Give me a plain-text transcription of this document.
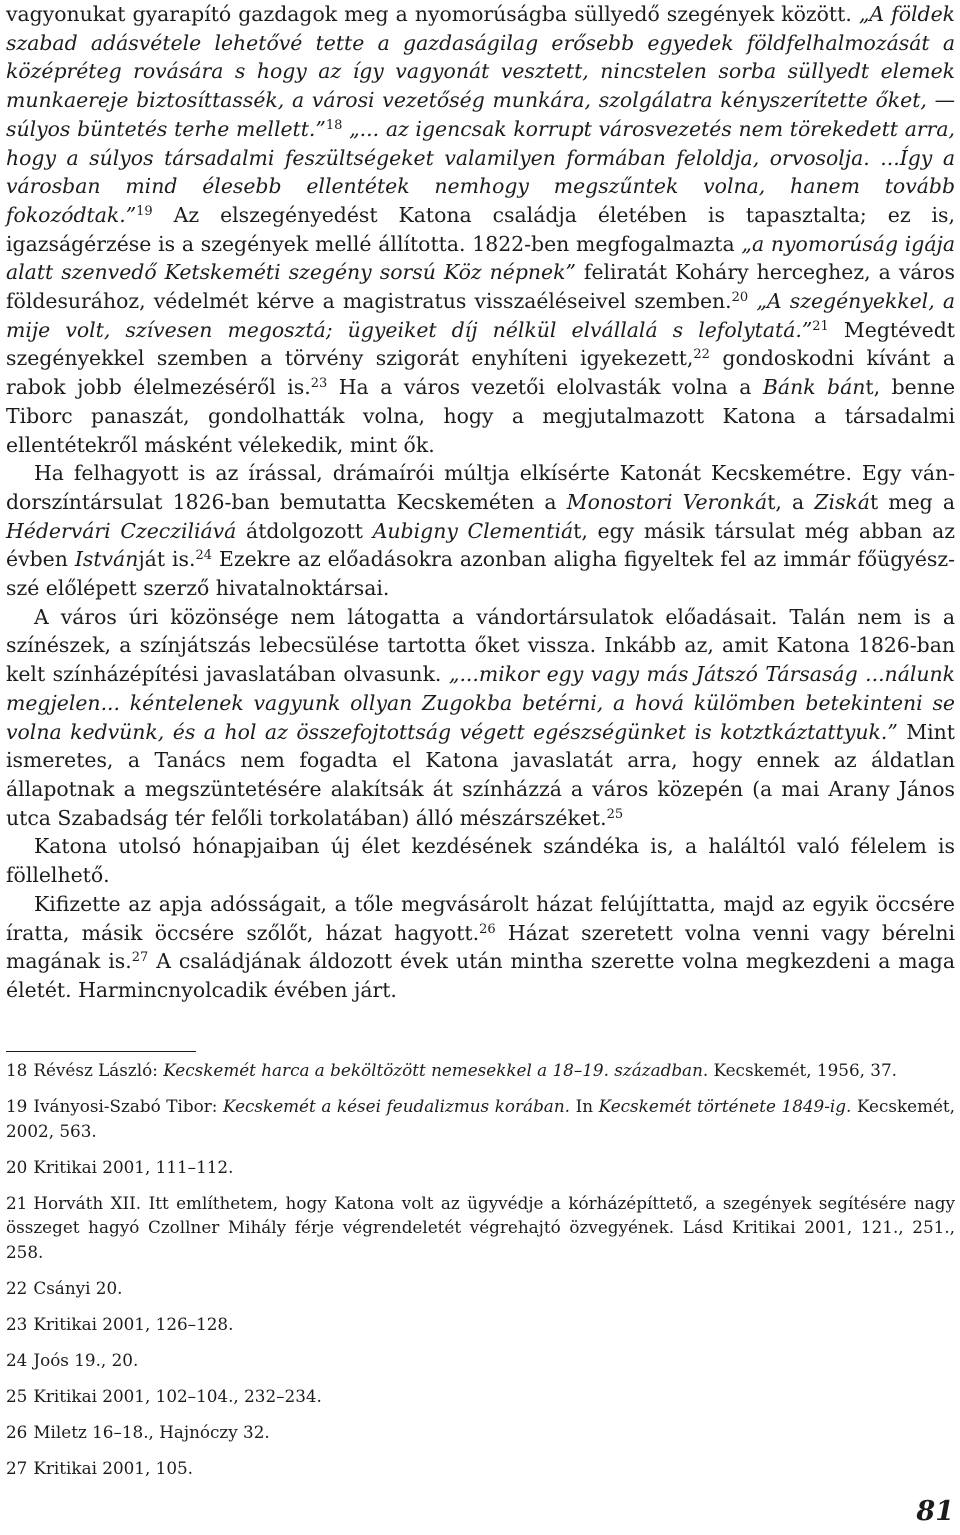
vagyonukat gyarapító gazdagok meg a nyomorúságba süllyedő szegények között. „A földek szabad adásvétele lehetővé tette a gazdaságilag erősebb egyedek földfelhalmozását a középréteg rovására s hogy az így vagyonát vesztett, nincstelen sorba süllyedt elemek munkaereje biztosíttassék, a városi vezetőség munkára, szolgálatra kényszerítette őket, — súlyos büntetés terhe mellett.”$^{18}$ „... az igencsak korrupt városvezetés nem törekedett arra, hogy a súlyos társadalmi feszültségeket valamilyen formában feloldja, orvosolja. ...Így a városban mind élesebb ellentétek nemhogy megszűntek volna, hanem tovább fokozódtak.”$^{19}$ Az elszegényedést Katona családja életében is tapasztalta; ez is, igazságérzése is a szegények mellé állította. 1822-ben megfogalmazta „a nyomorúság igája alatt szenvedő Ketskeméti szegény sorsú Köz népnek” feliratát Koháry herceghez, a város földesurához, védelmét kérve a magistratus visszaéléseivel szemben.$^{20}$ „A szegényekkel, a mije volt, szívesen megosztá; ügyeiket díj nélkül elvállalá s lefolytatá.”$^{21}$ Megtévedt szegényekkel szemben a törvény szigorát enyhíteni igyekezett,$^{22}$ gondoskodni kívánt a rabok jobb élelmezéséről is.$^{23}$ Ha a város vezetői elolvasták volna a Bánk bánt, benne Tiborc panaszát, gondolhatták volna, hogy a megjutalmazott Katona a társadalmi ellentétekről másként vélekedik, mint ők.

Ha felhagyott is az írással, drámaírói múltja elkísérte Katonát Kecskemétre. Egy vándorszíntársulat 1826-ban bemutatta Kecskeméten a Monostori Veronkát, a Ziskát meg a Hédervári Czecziliává átdolgozott Aubigny Clementiát, egy másik társulat még abban az évben Istvánját is.$^{24}$ Ezekre az előadásokra azonban aligha figyeltek fel az immár főügyészszé előlépett szerző hivatalnoktársai.

A város úri közönsége nem látogatta a vándortársulatok előadásait. Talán nem is a színészek, a színjátszás lebecsülése tartotta őket vissza. Inkább az, amit Katona 1826-ban kelt színházépítési javaslatában olvasunk. „...mikor egy vagy más Játszó Társaság ...nálunk megjelen... kéntelenek vagyunk ollyan Zugokba betérni, a hová külömben betekinteni se volna kedvünk, és a hol az összefojtottság végett egészségünket is kotztkáztattyuk.” Mint ismeretes, a Tanács nem fogadta el Katona javaslatát arra, hogy ennek az áldatlan állapotnak a megszüntetésére alakítsák át színházzá a város közepén (a mai Arany János utca Szabadság tér felőli torkolatában) álló mészárszéket.$^{25}$

Katona utolsó hónapjaiban új élet kezdésének szándéka is, a haláltól való félelem is föllelhető.

Kifizette az apja adósságait, a tőle megvásárolt házat felújíttatta, majd az egyik öccsére íratta, másik öccsére szőlőt, házat hagyott.$^{26}$ Házat szeretett volna venni vagy bérelni magának is.$^{27}$ A családjának áldozott évek után mintha szerette volna megkezdeni a maga életét. Harmincnyolcadik évében járt.

18 Révész László: Kecskemét harca a beköltözött nemesekkel a 18–19. században. Kecskemét, 1956, 37.

19 Iványosi-Szabó Tibor: Kecskemét a kései feudalizmus korában. In Kecskemét története 1849-ig. Kecskemét, 2002, 563.

20 Kritikai 2001, 111–112.

21 Horváth XII. Itt említhetem, hogy Katona volt az ügyvédje a kórházépíttető, a szegények segítésére nagy összeget hagyó Czollner Mihály férje végrendeletét végrehajtó özvegyének. Lásd Kritikai 2001, 121., 251., 258.

22 Csányi 20.

23 Kritikai 2001, 126–128.

24 Joós 19., 20.

25 Kritikai 2001, 102–104., 232–234.

26 Miletz 16–18., Hajnóczy 32.

27 Kritikai 2001, 105.

81
